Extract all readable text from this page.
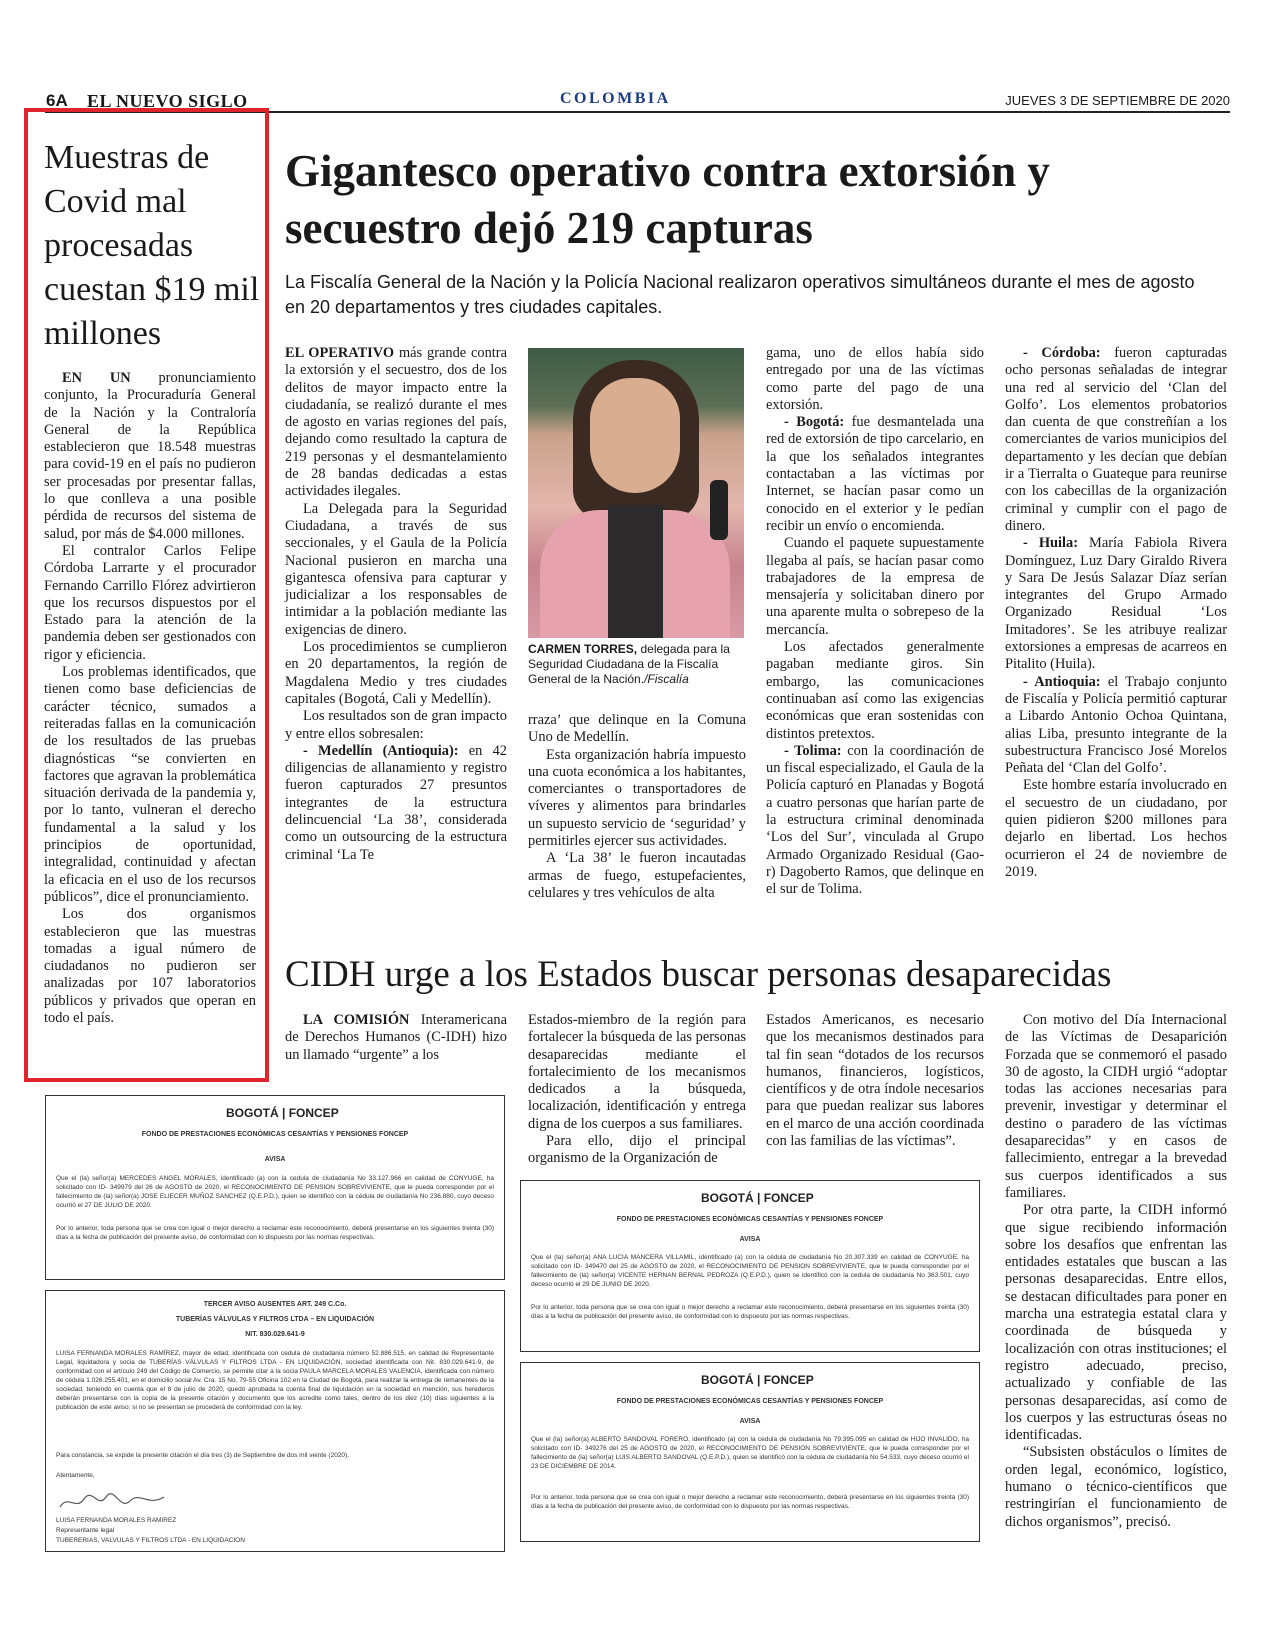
6A EL NUEVO SIGLO	COLOMBIA	JUEVES 3 DE SEPTIEMBRE DE 2020
Muestras de Covid mal procesadas cuestan $19 mil millones

EN UN pronunciamiento conjunto, la Procuraduría General de la Nación y la Contraloría General de la República establecieron que 18.548 muestras para covid-19 en el país no pudieron ser procesadas por presentar fallas, lo que conlleva a una posible pérdida de recursos del sistema de salud, por más de $4.000 millones.

El contralor Carlos Felipe Córdoba Larrarte y el procurador Fernando Carrillo Flórez advirtieron que los recursos dispuestos por el Estado para la atención de la pandemia deben ser gestionados con rigor y eficiencia.

Los problemas identificados, que tienen como base deficiencias de carácter técnico, sumados a reiteradas fallas en la comunicación de los resultados de las pruebas diagnósticas “se convierten en factores que agravan la problemática situación derivada de la pandemia y, por lo tanto, vulneran el derecho fundamental a la salud y los principios de oportunidad, integralidad, continuidad y afectan la eficacia en el uso de los recursos públicos”, dice el pronunciamiento.

Los dos organismos establecieron que las muestras tomadas a igual número de ciudadanos no pudieron ser analizadas por 107 laboratorios públicos y privados que operan en todo el país.

Gigantesco operativo contra extorsión y secuestro dejó 219 capturas
La Fiscalía General de la Nación y la Policía Nacional realizaron operativos simultáneos durante el mes de agosto en 20 departamentos y tres ciudades capitales.

EL OPERATIVO más grande contra la extorsión y el secuestro, dos de los delitos de mayor impacto entre la ciudadanía, se realizó durante el mes de agosto en varias regiones del país, dejando como resultado la captura de 219 personas y el desmantelamiento de 28 bandas dedicadas a estas actividades ilegales.

La Delegada para la Seguridad Ciudadana, a través de sus seccionales, y el Gaula de la Policía Nacional pusieron en marcha una gigantesca ofensiva para capturar y judicializar a los responsables de intimidar a la población mediante las exigencias de dinero.

Los procedimientos se cumplieron en 20 departamentos, la región de Magdalena Medio y tres ciudades capitales (Bogotá, Cali y Medellín).

Los resultados son de gran impacto y entre ellos sobresalen:

- Medellín (Antioquia): en 42 diligencias de allanamiento y registro fueron capturados 27 presuntos integrantes de la estructura delincuencial ‘La 38’, considerada como un outsourcing de la estructura criminal ‘La Te

CARMEN TORRES, delegada para la Seguridad Ciudadana de la Fiscalía General de la Nación./Fiscalía

rraza’ que delinque en la Comuna Uno de Medellín.

Esta organización habría impuesto una cuota económica a los habitantes, comerciantes o transportadores de víveres y alimentos para brindarles un supuesto servicio de ‘seguridad’ y permitirles ejercer sus actividades.

A ‘La 38’ le fueron incautadas armas de fuego, estupefacientes, celulares y tres vehículos de alta

gama, uno de ellos había sido entregado por una de las víctimas como parte del pago de una extorsión.

- Bogotá: fue desmantelada una red de extorsión de tipo carcelario, en la que los señalados integrantes contactaban a las víctimas por Internet, se hacían pasar como un conocido en el exterior y le pedían recibir un envío o encomienda.

Cuando el paquete supuestamente llegaba al país, se hacían pasar como trabajadores de la empresa de mensajería y solicitaban dinero por una aparente multa o sobrepeso de la mercancía.

Los afectados generalmente pagaban mediante giros. Sin embargo, las comunicaciones continuaban así como las exigencias económicas que eran sostenidas con distintos pretextos.

- Tolima: con la coordinación de un fiscal especializado, el Gaula de la Policía capturó en Planadas y Bogotá a cuatro personas que harían parte de la estructura criminal denominada ‘Los del Sur’, vinculada al Grupo Armado Organizado Residual (Gao-r) Dagoberto Ramos, que delinque en el sur de Tolima.

- Córdoba: fueron capturadas ocho personas señaladas de integrar una red al servicio del ‘Clan del Golfo’. Los elementos probatorios dan cuenta de que constreñían a los comerciantes de varios municipios del departamento y les decían que debían ir a Tierralta o Guateque para reunirse con los cabecillas de la organización criminal y cumplir con el pago de dinero.

- Huila: María Fabiola Rivera Domínguez, Luz Dary Giraldo Rivera y Sara De Jesús Salazar Díaz serían integrantes del Grupo Armado Organizado Residual ‘Los Imitadores’. Se les atribuye realizar extorsiones a empresas de acarreos en Pitalito (Huila).

- Antioquia: el Trabajo conjunto de Fiscalía y Policía permitió capturar a Libardo Antonio Ochoa Quintana, alias Liba, presunto integrante de la subestructura Francisco José Morelos Peñata del ‘Clan del Golfo’.

Este hombre estaría involucrado en el secuestro de un ciudadano, por quien pidieron $200 millones para dejarlo en libertad. Los hechos ocurrieron el 24 de noviembre de 2019.

CIDH urge a los Estados buscar personas desaparecidas

LA COMISIÓN Interamericana de Derechos Humanos (C-IDH) hizo un llamado “urgente” a los

Estados-miembro de la región para fortalecer la búsqueda de las personas desaparecidas mediante el fortalecimiento de los mecanismos dedicados a la búsqueda, localización, identificación y entrega digna de los cuerpos a sus familiares.

Para ello, dijo el principal organismo de la Organización de

Estados Americanos, es necesario que los mecanismos destinados para tal fin sean “dotados de los recursos humanos, financieros, logísticos, científicos y de otra índole necesarios para que puedan realizar sus labores en el marco de una acción coordinada con las familias de las víctimas”.

Con motivo del Día Internacional de las Víctimas de Desaparición Forzada que se conmemoró el pasado 30 de agosto, la CIDH urgió “adoptar todas las acciones necesarias para prevenir, investigar y determinar el destino o paradero de las víctimas desaparecidas” y en casos de fallecimiento, entregar a la brevedad sus cuerpos identificados a sus familiares.

Por otra parte, la CIDH informó que sigue recibiendo información sobre los desafíos que enfrentan las entidades estatales que buscan a las personas desaparecidas. Entre ellos, se destacan dificultades para poner en marcha una estrategia estatal clara y coordinada de búsqueda y localización con otras instituciones; el registro adecuado, preciso, actualizado y confiable de las personas desaparecidas, así como de los cuerpos y las estructuras óseas no identificadas.

“Subsisten obstáculos o límites de orden legal, económico, logístico, humano o técnico-científicos que restringirían el funcionamiento de dichos organismos”, precisó.

BOGOTÁ | FONCEP
FONDO DE PRESTACIONES ECONÓMICAS CESANTÍAS Y PENSIONES FONCEP
AVISA
Que el (la) señor(a) MERCEDES ANGEL MORALES, identificado (a) con la cedula de ciudadanía No 33.127.966 en calidad de CONYUGE, ha solicitado con ID- 349979 del 26 de AGOSTO de 2020, el RECONOCIMIENTO DE PENSION SOBREVIVIENTE, que le pueda corresponder por el fallecimiento de (la) señor(a) JOSE ELIECER MUÑOZ SANCHEZ (Q.E.P.D.), quien se identificó con la cédula de ciudadanía No 236.880, cuyo deceso ocurrió el 27 DE JULIO DE 2020.
Por lo anterior, toda persona que se crea con igual o mejor derecho a reclamar este reconocimiento, deberá presentarse en los siguientes treinta (30) días a la fecha de publicación del presente aviso, de conformidad con lo dispuesto por las normas respectivas.
TERCER AVISO AUSENTES ART. 249 C.Co.
TUBERÍAS VÁLVULAS Y FILTROS LTDA – EN LIQUIDACIÓN
NIT. 830.029.641-9
LUISA FERNANDA MORALES RAMÍREZ, mayor de edad, identificada con cedula de ciudadanía número 52.886.515, en calidad de Representante Legal, liquidadora y socia de TUBERÍAS VÁLVULAS Y FILTROS LTDA - EN LIQUIDACIÓN, sociedad identificada con Nit. 830.029.641-9, de conformidad con el artículo 249 del Código de Comercio, se permite citar a la socia PAULA MARCELA MORALES VALENCIA, identificada con número de cédula 1.026.255.401, en el domicilio social Av. Cra. 15 No. 79-55 Oficina 102 en la Ciudad de Bogotá, para realizar la entrega de remanentes de la sociedad, teniendo en cuenta que el 8 de julio de 2020, quedó aprobada la cuenta final de liquidación en la sociedad en mención, sus herederos deberán presentarse con la copia de la presente citación y documento que los acredite como tales, dentro de los diez (10) días siguientes a la publicación de este aviso; si no se presentan se procederá de conformidad con la ley.
Para constancia, se expide la presente citación el día tres (3) de Septiembre de dos mil veinte (2020).
Atentamente,
LUISA FERNANDA MORALES RAMIREZ
Representante legal
TUBERERIAS, VALVULAS Y FILTROS LTDA - EN LIQUIDACION
BOGOTÁ | FONCEP
FONDO DE PRESTACIONES ECONÓMICAS CESANTÍAS Y PENSIONES FONCEP
AVISA
Que el (la) señor(a) ANA LUCIA MANCERA VILLAMIL, identificado (a) con la cédula de ciudadanía No 20.307.339 en calidad de CONYUGE, ha solicitado con ID- 349470 del 25 de AGOSTO de 2020, el RECONOCIMIENTO DE PENSION SOBREVIVIENTE, que le pueda corresponder por el fallecimiento de (la) señor(a) VICENTE HERNAN BERNAL PEDROZA (Q.E.P.D.), quien se identificó con la cedula de ciudadanía No 363.501, cuyo deceso ocurrió el 29 DE JUNIO DE 2020.
Por lo anterior, toda persona que se crea con igual o mejor derecho a reclamar este reconocimiento, deberá presentarse en los siguientes treinta (30) días a la fecha de publicación del presente aviso, de conformidad con lo dispuesto por las normas respectivas.
BOGOTÁ | FONCEP
FONDO DE PRESTACIONES ECONÓMICAS CESANTÍAS Y PENSIONES FONCEP
AVISA
Que el (la) señor(a) ALBERTO SANDOVAL FORERO, identificado (a) con la cedula de ciudadanía No 79.395.095 en calidad de HIJO INVALIDO, ha solicitado con ID- 349276 del 25 de AGOSTO de 2020, el RECONOCIMIENTO DE PENSION SOBREVIVIENTE, que le pueda corresponder por el fallecimiento de (la) señor(a) LUIS ALBERTO SANDOVAL (Q.E.P.D.), quien se identificó con la cédula de ciudadanía No 54.533, cuyo deceso ocurrió el 23 DE DICIEMBRE DE 2014.
Por lo anterior, toda persona que se crea con igual o mejor derecho a reclamar este reconocimiento, deberá presentarse en los siguientes treinta (30) días a la fecha de publicación del presente aviso, de conformidad con lo dispuesto por las normas respectivas.
